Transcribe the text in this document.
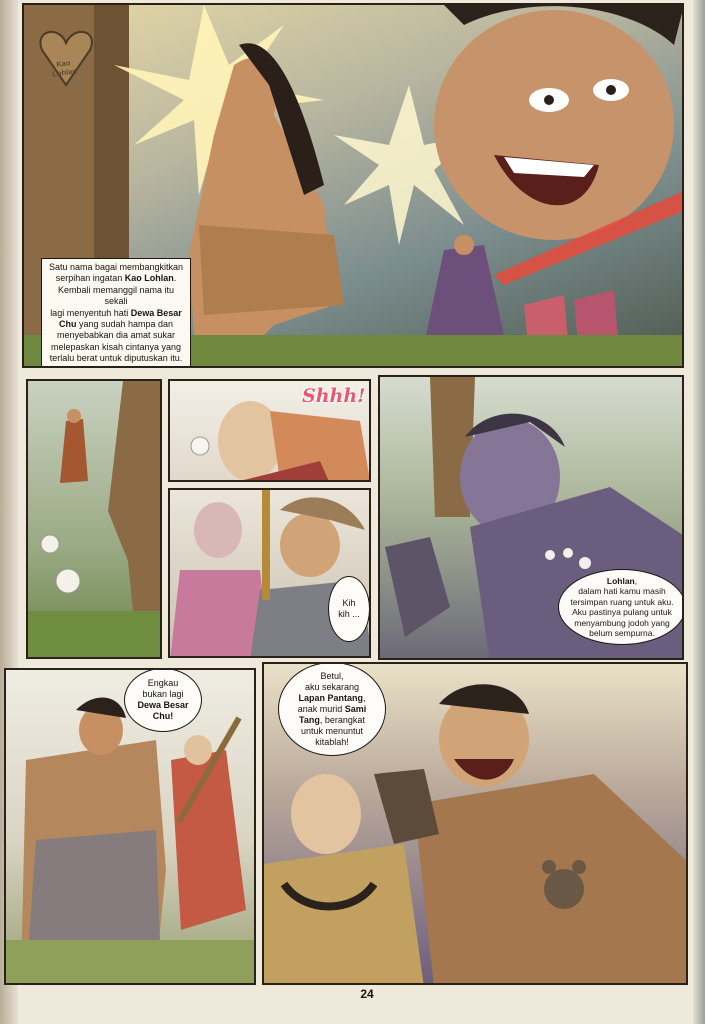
Kao
Lohlan
Satu nama bagai membangkitkan
serpihan ingatan Kao Lohlan.
Kembali memanggil nama itu sekali
lagi menyentuh hati Dewa Besar
Chu yang sudah hampa dan
menyebabkan dia amat sukar
melepaskan kisah cintanya yang
terlalu berat untuk diputuskan itu.
Shhh!
Kih
kih ...
Lohlan,
dalam hati kamu masih
tersimpan ruang untuk aku.
Aku pastinya pulang untuk
menyambung jodoh yang
belum sempurna.
Engkau
bukan lagi
Dewa Besar
Chu!
Betul,
aku sekarang
Lapan Pantang,
anak murid Sami
Tang, berangkat
untuk menuntut
kitablah!
24
